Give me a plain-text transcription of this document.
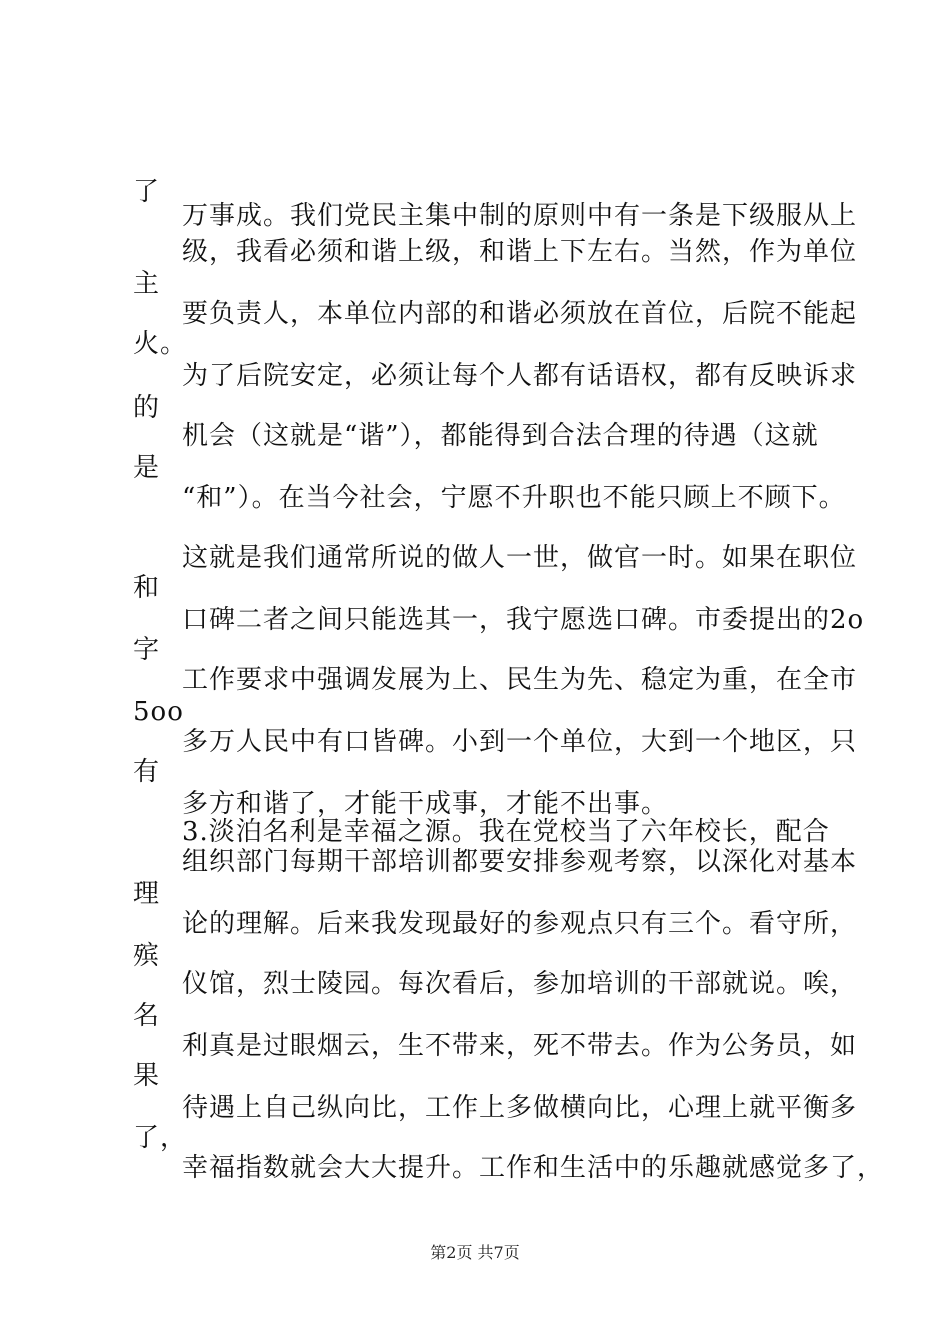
了
万事成。我们党民主集中制的原则中有一条是下级服从上
级，我看必须和谐上级，和谐上下左右。当然，作为单位
主
要负责人，本单位内部的和谐必须放在首位，后院不能起
火。
为了后院安定，必须让每个人都有话语权，都有反映诉求
的
机会（这就是“谐”），都能得到合法合理的待遇（这就
是
“和”）。在当今社会，宁愿不升职也不能只顾上不顾下。
这就是我们通常所说的做人一世，做官一时。如果在职位
和
口碑二者之间只能选其一，我宁愿选口碑。市委提出的2o
字
工作要求中强调发展为上、民生为先、稳定为重，在全市
5oo
多万人民中有口皆碑。小到一个单位，大到一个地区，只
有
多方和谐了，才能干成事，才能不出事。
3.淡泊名利是幸福之源。我在党校当了六年校长，配合
组织部门每期干部培训都要安排参观考察，以深化对基本
理
论的理解。后来我发现最好的参观点只有三个。看守所，
殡
仪馆，烈士陵园。每次看后，参加培训的干部就说。唉，
名
利真是过眼烟云，生不带来，死不带去。作为公务员，如
果
待遇上自己纵向比，工作上多做横向比，心理上就平衡多
了，
幸福指数就会大大提升。工作和生活中的乐趣就感觉多了，
第2页 共7页
